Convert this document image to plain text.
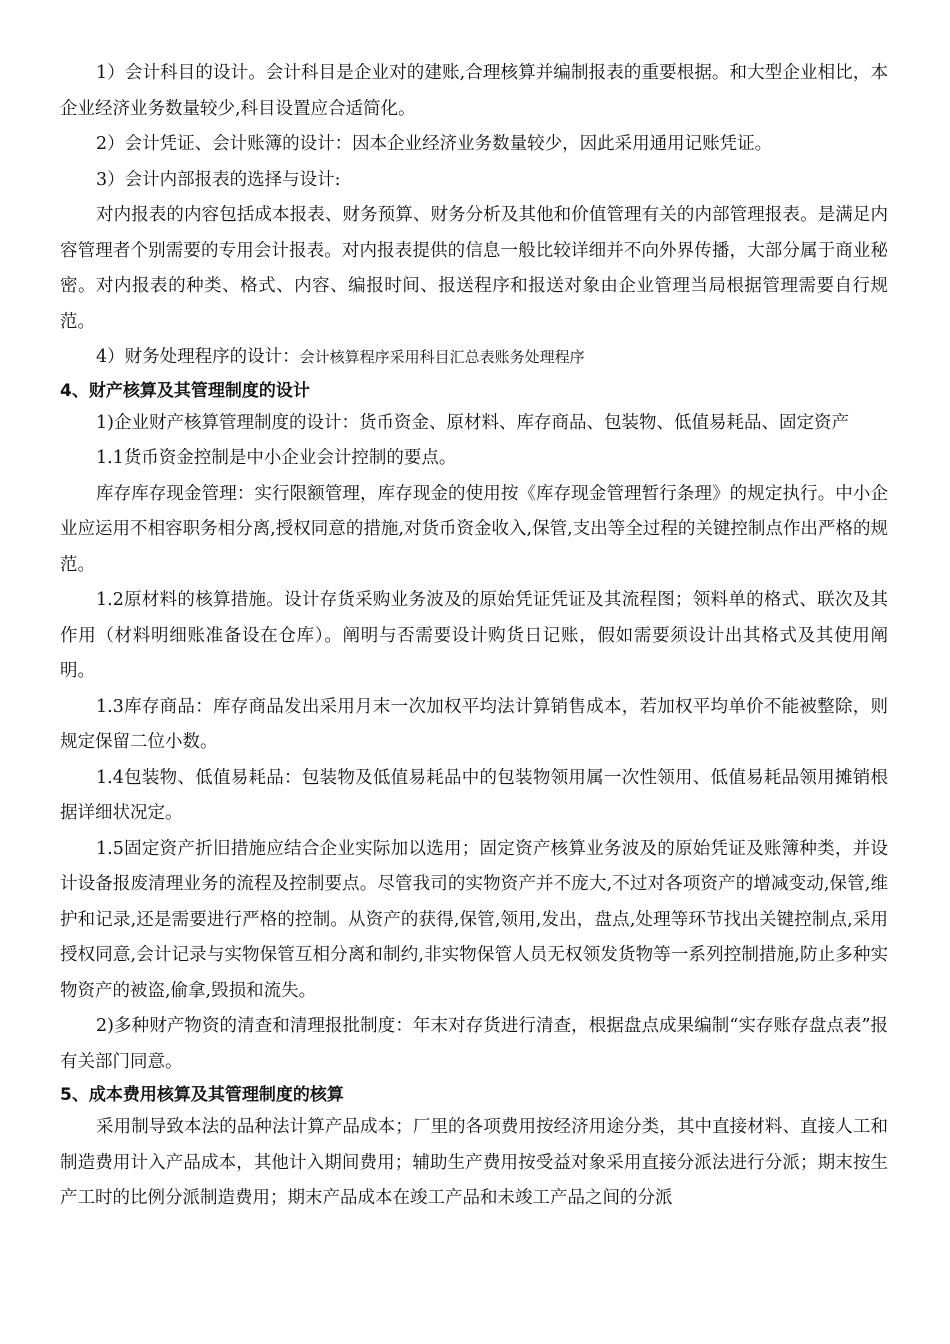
1）会计科目的设计。会计科目是企业对的建账,合理核算并编制报表的重要根据。和大型企业相比，本企业经济业务数量较少,科目设置应合适简化。

2）会计凭证、会计账簿的设计：因本企业经济业务数量较少，因此采用通用记账凭证。

3）会计内部报表的选择与设计:

对内报表的内容包括成本报表、财务预算、财务分析及其他和价值管理有关的内部管理报表。是满足内容管理者个别需要的专用会计报表。对内报表提供的信息一般比较详细并不向外界传播，大部分属于商业秘密。对内报表的种类、格式、内容、编报时间、报送程序和报送对象由企业管理当局根据管理需要自行规范。

4）财务处理程序的设计：会计核算程序采用科目汇总表账务处理程序

4、财产核算及其管理制度的设计

1)企业财产核算管理制度的设计：货币资金、原材料、库存商品、包装物、低值易耗品、固定资产

1.1货币资金控制是中小企业会计控制的要点。

库存库存现金管理：实行限额管理，库存现金的使用按《库存现金管理暂行条理》的规定执行。中小企业应运用不相容职务相分离,授权同意的措施,对货币资金收入,保管,支出等全过程的关键控制点作出严格的规范。

1.2原材料的核算措施。设计存货采购业务波及的原始凭证凭证及其流程图；领料单的格式、联次及其作用（材料明细账准备设在仓库）。阐明与否需要设计购货日记账，假如需要须设计出其格式及其使用阐明。

1.3库存商品：库存商品发出采用月末一次加权平均法计算销售成本，若加权平均单价不能被整除，则规定保留二位小数。

1.4包装物、低值易耗品：包装物及低值易耗品中的包装物领用属一次性领用、低值易耗品领用摊销根据详细状况定。

1.5固定资产折旧措施应结合企业实际加以选用；固定资产核算业务波及的原始凭证及账簿种类，并设计设备报废清理业务的流程及控制要点。尽管我司的实物资产并不庞大,不过对各项资产的增减变动,保管,维护和记录,还是需要进行严格的控制。从资产的获得,保管,领用,发出，盘点,处理等环节找出关键控制点,采用授权同意,会计记录与实物保管互相分离和制约,非实物保管人员无权领发货物等一系列控制措施,防止多种实物资产的被盗,偷拿,毁损和流失。

2)多种财产物资的清查和清理报批制度：年末对存货进行清查，根据盘点成果编制“实存账存盘点表”报有关部门同意。

5、成本费用核算及其管理制度的核算

采用制导致本法的品种法计算产品成本；厂里的各项费用按经济用途分类，其中直接材料、直接人工和制造费用计入产品成本，其他计入期间费用；辅助生产费用按受益对象采用直接分派法进行分派；期末按生产工时的比例分派制造费用；期末产品成本在竣工产品和未竣工产品之间的分派
